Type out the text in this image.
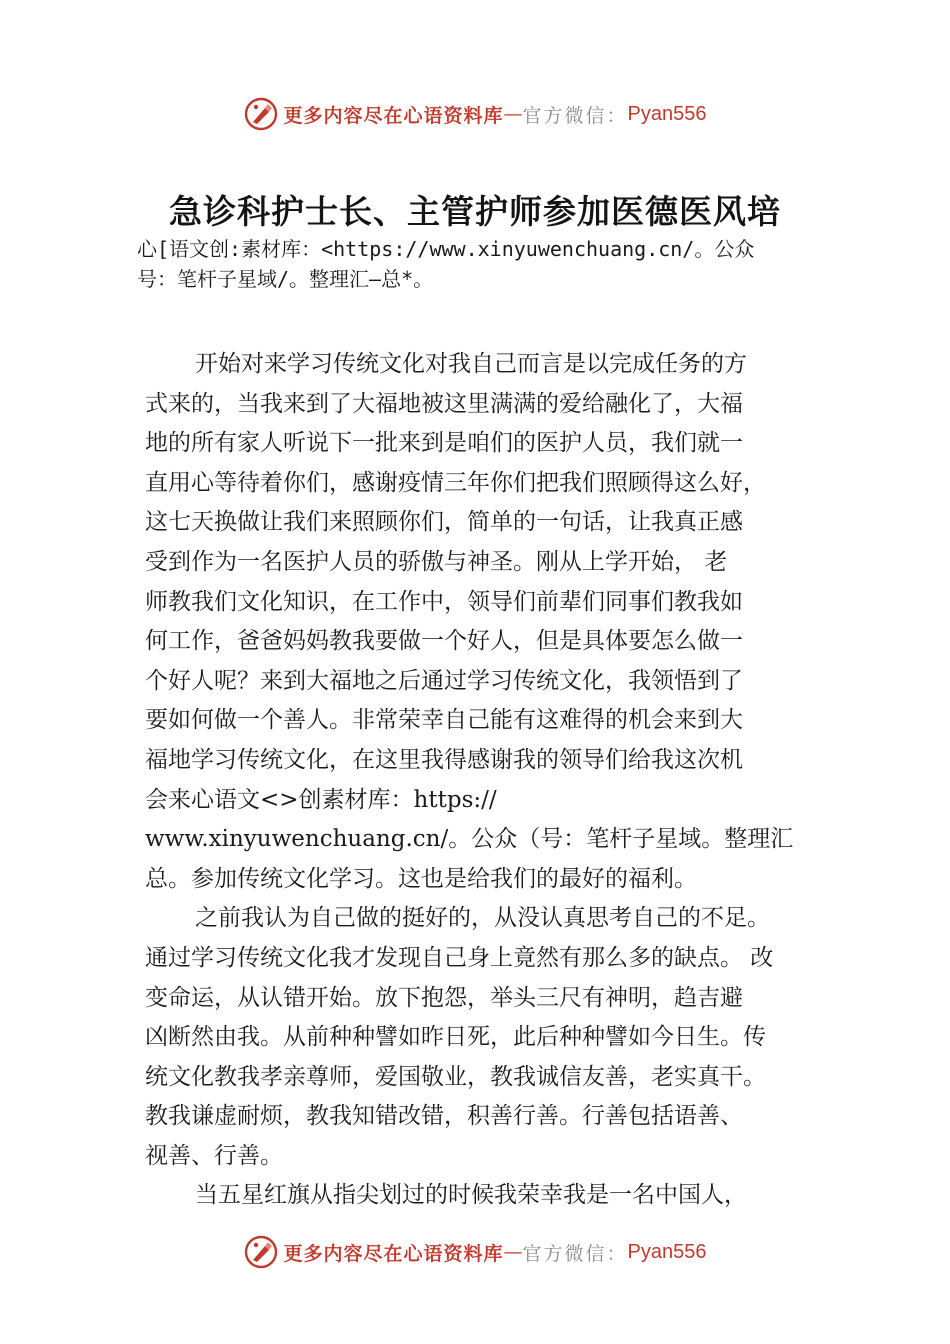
更多内容尽在心语资料库 — 官方微信： Pyan556
急诊科护士长、主管护师参加医德医风培
心[语文创:素材库：<https://www.xinyuwenchuang.cn/。公众
号：笔杆子星域/。整理汇—总*。
开始对来学习传统文化对我自己而言是以完成任务的方
式来的，当我来到了大福地被这里满满的爱给融化了，大福
地的所有家人听说下一批来到是咱们的医护人员，我们就一
直用心等待着你们，感谢疫情三年你们把我们照顾得这么好，
这七天换做让我们来照顾你们，简单的一句话，让我真正感
受到作为一名医护人员的骄傲与神圣。刚从上学开始， 老
师教我们文化知识，在工作中，领导们前辈们同事们教我如
何工作，爸爸妈妈教我要做一个好人，但是具体要怎么做一
个好人呢？来到大福地之后通过学习传统文化，我领悟到了
要如何做一个善人。非常荣幸自己能有这难得的机会来到大
福地学习传统文化，在这里我得感谢我的领导们给我这次机
会来心语文<>创素材库：https://
www.xinyuwenchuang.cn/。公众（号：笔杆子星域。整理汇
总。参加传统文化学习。这也是给我们的最好的福利。
之前我认为自己做的挺好的，从没认真思考自己的不足。
通过学习传统文化我才发现自己身上竟然有那么多的缺点。 改
变命运，从认错开始。放下抱怨，举头三尺有神明，趋吉避
凶断然由我。从前种种譬如昨日死，此后种种譬如今日生。传
统文化教我孝亲尊师，爱国敬业，教我诚信友善，老实真干。
教我谦虚耐烦，教我知错改错，积善行善。行善包括语善、
视善、行善。
当五星红旗从指尖划过的时候我荣幸我是一名中国人，
更多内容尽在心语资料库 — 官方微信： Pyan556
